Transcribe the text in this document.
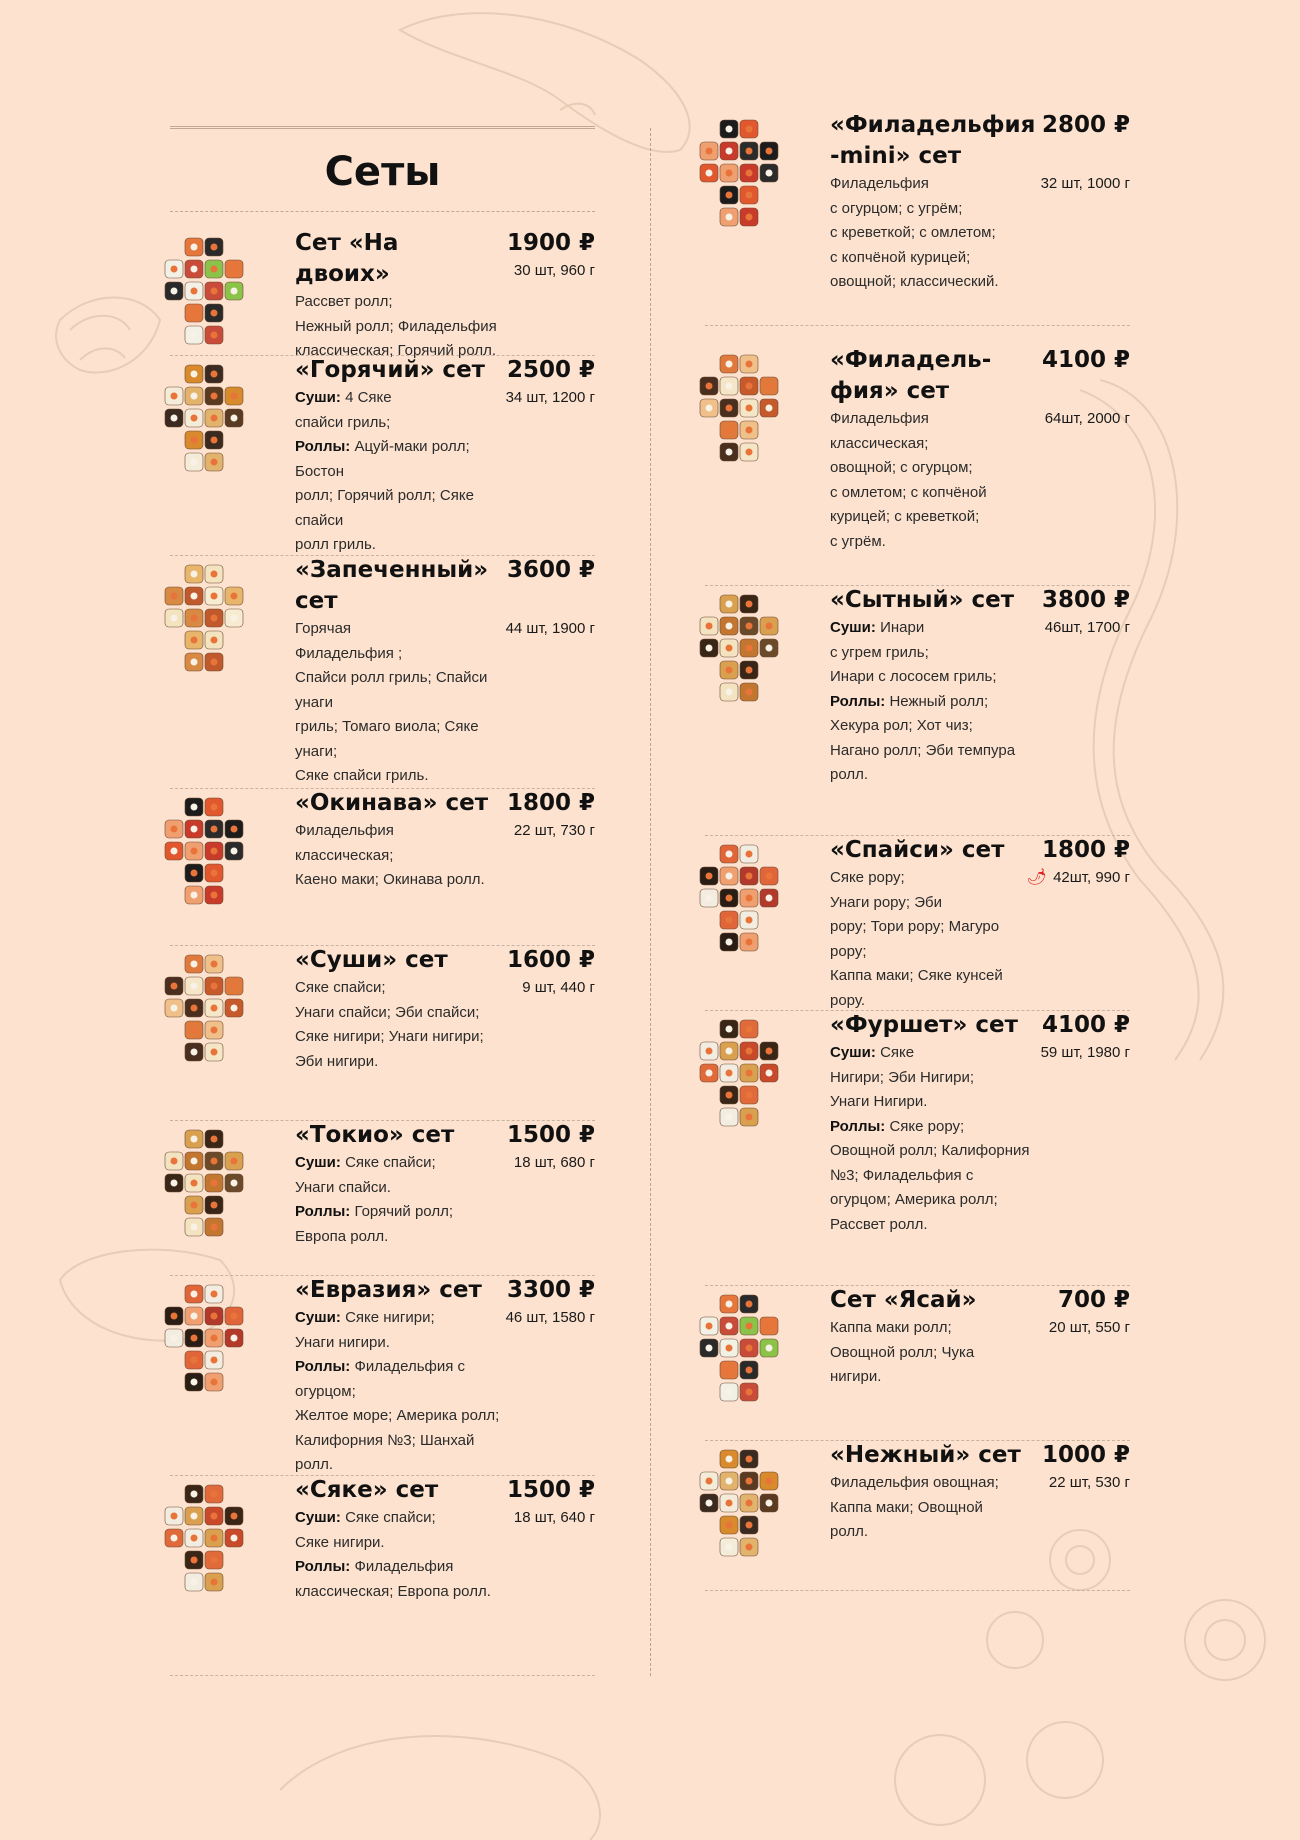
Сеты
Сет «На двоих»
1900 ₽
30 шт, 960 г
Рассвет ролл;
Нежный ролл; Филадельфия
классическая; Горячий ролл.
«Горячий» сет 2500 ₽
34 шт, 1200 г
Суши: 4 Сяке
спайси гриль;
Роллы: Ацуй-маки ролл; Бостон
ролл; Горячий ролл; Сяке спайси
ролл гриль.
«Запеченный» сет
3600 ₽
44 шт, 1900 г
Горячая
Филадельфия ;
Спайси ролл гриль; Спайси унаги
гриль; Томаго виола; Сяке унаги;
Сяке спайси гриль.
«Окинава» сет 1800 ₽
22 шт, 730 г
Филадельфия
классическая;
Каено маки; Окинава ролл.
«Суши» сет	1600 ₽
9 шт, 440 г
Сяке спайси;
Унаги спайси; Эби спайси;
Сяке нигири; Унаги нигири;
Эби нигири.
«Токио» сет	1500 ₽
18 шт, 680 г
Суши: Сяке спайси;
Унаги спайси.
Роллы: Горячий ролл; Европа ролл.
«Евразия» сет	3300 ₽
46 шт, 1580 г
Суши: Сяке нигири;
Унаги нигири.
Роллы: Филадельфия с огурцом;
Желтое море; Америка ролл;
Калифорния №3; Шанхай ролл.
«Сяке» сет	1500 ₽
18 шт, 640 г
Суши: Сяке спайси;
Сяке нигири.
Роллы: Филадельфия
классическая; Европа ролл.
«Филадельфия -mini» сет
2800 ₽
32 шт, 1000 г
Филадельфия
с огурцом; с угрём;
с креветкой; с омлетом;
с копчёной курицей;
овощной; классический.
«Филадель- фия» сет
4100 ₽
64шт, 2000 г
Филадельфия
классическая;
овощной; с огурцом;
с омлетом; с копчёной
курицей; с креветкой;
с угрём.
«Сытный» сет	3800 ₽
46шт, 1700 г
Суши: Инари
с угрем гриль;
Инари с лососем гриль;
Роллы: Нежный ролл;
Хекура рол; Хот чиз;
Нагано ролл; Эби темпура
ролл.
«Спайси» сет	1800 ₽
🌶 42шт, 990 г
Сяке рору;
Унаги рору; Эби
рору; Тори рору; Магуро рору;
Каппа маки; Сяке кунсей рору.
«Фуршет» сет	4100 ₽
59 шт, 1980 г
Суши: Сяке
Нигири; Эби Нигири;
Унаги Нигири.
Роллы: Сяке рору;
Овощной ролл; Калифорния
№3; Филадельфия с
огурцом; Америка ролл;
Рассвет ролл.
Сет «Ясай»	700 ₽
20 шт, 550 г
Каппа маки ролл;
Овощной ролл; Чука
нигири.
«Нежный» сет 1000 ₽
22 шт, 530 г
Филадельфия овощная;
Каппа маки; Овощной
ролл.
